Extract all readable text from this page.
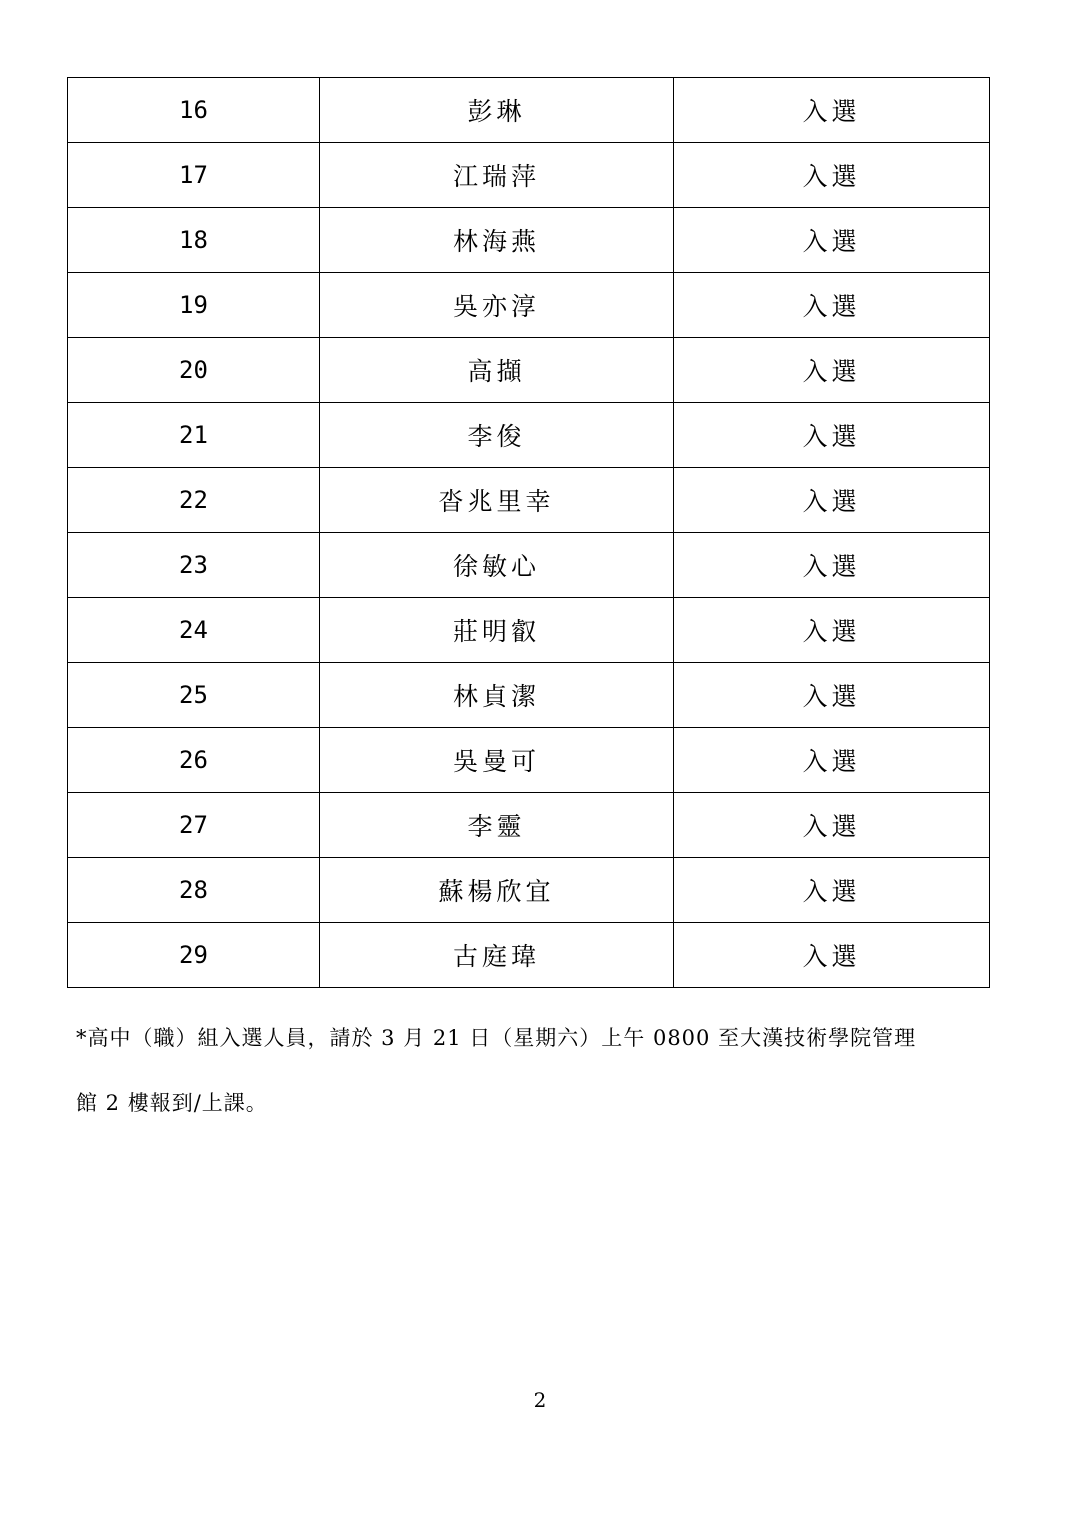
16	彭琳	入選
17	江瑞萍	入選
18	林海燕	入選
19	吳亦淳	入選
20	高擷	入選
21	李俊	入選
22	沓兆里幸	入選
23	徐敏心	入選
24	莊明叡	入選
25	林貞潔	入選
26	吳曼可	入選
27	李靈	入選
28	蘇楊欣宜	入選
29	古庭瑋	入選
*高中（職）組入選人員，請於 3 月 21 日（星期六）上午 0800 至大漢技術學院管理
館 2 樓報到/上課。
2
